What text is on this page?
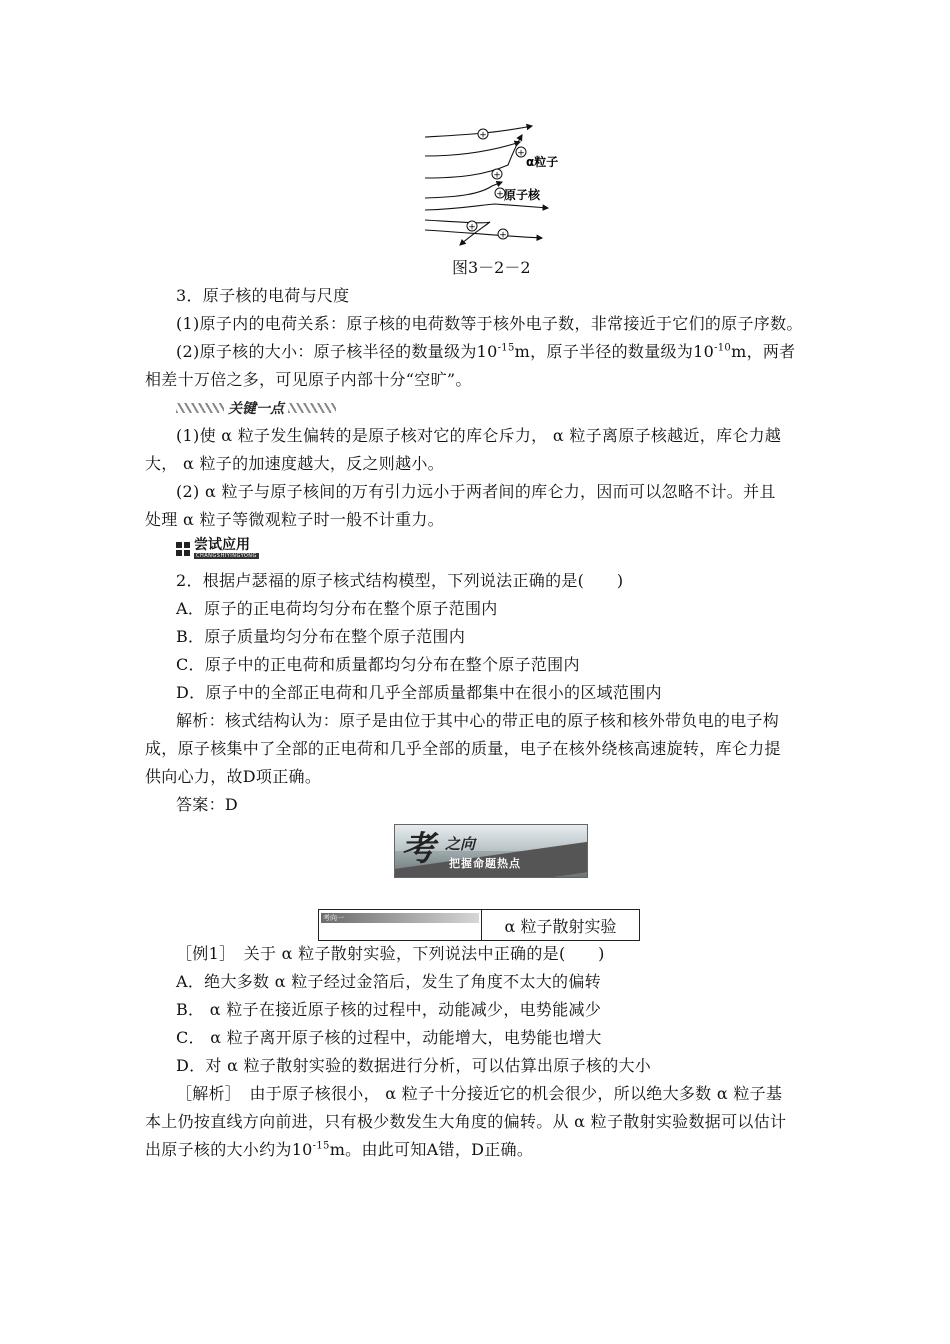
+
+
+
+
+
+
α粒子
原子核
图3－2－2
3．原子核的电荷与尺度
(1)原子内的电荷关系：原子核的电荷数等于核外电子数，非常接近于它们的原子序数。
(2)原子核的大小：原子核半径的数量级为$10^{-15}m$，原子半径的数量级为$10^{-10}m$，两者
相差十万倍之多，可见原子内部十分“空旷”。
关键一点
(1)使 α 粒子发生偏转的是原子核对它的库仑斥力， α 粒子离原子核越近，库仑力越
大， α 粒子的加速度越大，反之则越小。
(2) α 粒子与原子核间的万有引力远小于两者间的库仑力，因而可以忽略不计。并且
处理 α 粒子等微观粒子时一般不计重力。
尝试应用
CHANGSHIYINGYONG
2．根据卢瑟福的原子核式结构模型，下列说法正确的是(　　)
A．原子的正电荷均匀分布在整个原子范围内
B．原子质量均匀分布在整个原子范围内
C．原子中的正电荷和质量都均匀分布在整个原子范围内
D．原子中的全部正电荷和几乎全部质量都集中在很小的区域范围内
解析：核式结构认为：原子是由位于其中心的带正电的原子核和核外带负电的电子构
成，原子核集中了全部的正电荷和几乎全部的质量，电子在核外绕核高速旋转，库仑力提
供向心力，故D项正确。
答案：D
考 之向
把握命题热点
考向一	α 粒子散射实验
［例1］　关于 α 粒子散射实验，下列说法中正确的是(　　)
A．绝大多数 α 粒子经过金箔后，发生了角度不太大的偏转
B． α 粒子在接近原子核的过程中，动能减少，电势能减少
C． α 粒子离开原子核的过程中，动能增大，电势能也增大
D．对 α 粒子散射实验的数据进行分析，可以估算出原子核的大小
［解析］　由于原子核很小， α 粒子十分接近它的机会很少，所以绝大多数 α 粒子基
本上仍按直线方向前进，只有极少数发生大角度的偏转。从 α 粒子散射实验数据可以估计
出原子核的大小约为$10^{-15}m$。由此可知A错，D正确。
